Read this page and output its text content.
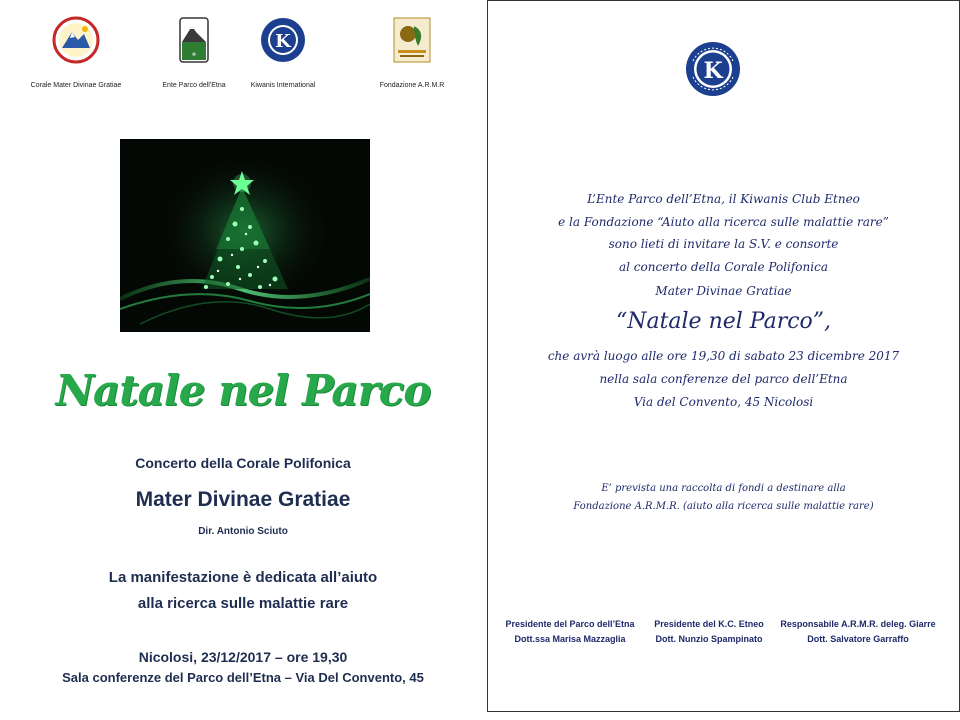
Corale Mater Divinae Gratiae
❄
Ente Parco dell'Etna
K
Kiwanis International	Fondazione A.R.M.R
Natale nel Parco
Concerto della Corale Polifonica
Mater Divinae Gratiae
Dir. Antonio Sciuto
La manifestazione è dedicata all’aiuto
alla ricerca sulle malattie rare
Nicolosi, 23/12/2017 – ore 19,30
Sala conferenze del Parco dell’Etna – Via Del Convento, 45
K
L’Ente Parco dell’Etna, il Kiwanis Club Etneo
e la Fondazione “Aiuto alla ricerca sulle malattie rare”
sono lieti di invitare la S.V. e consorte
al concerto della Corale Polifonica
Mater Divinae Gratiae
“Natale nel Parco”,
che avrà luogo alle ore 19,30 di sabato 23 dicembre 2017
nella sala conferenze del parco dell’Etna
Via del Convento, 45 Nicolosi
E’ prevista una raccolta di fondi a destinare alla
Fondazione A.R.M.R. (aiuto alla ricerca sulle malattie rare)
Presidente del Parco dell’Etna
Dott.ssa Marisa Mazzaglia
Presidente del K.C. Etneo
Dott. Nunzio Spampinato
Responsabile A.R.M.R. deleg. Giarre
Dott. Salvatore Garraffo
